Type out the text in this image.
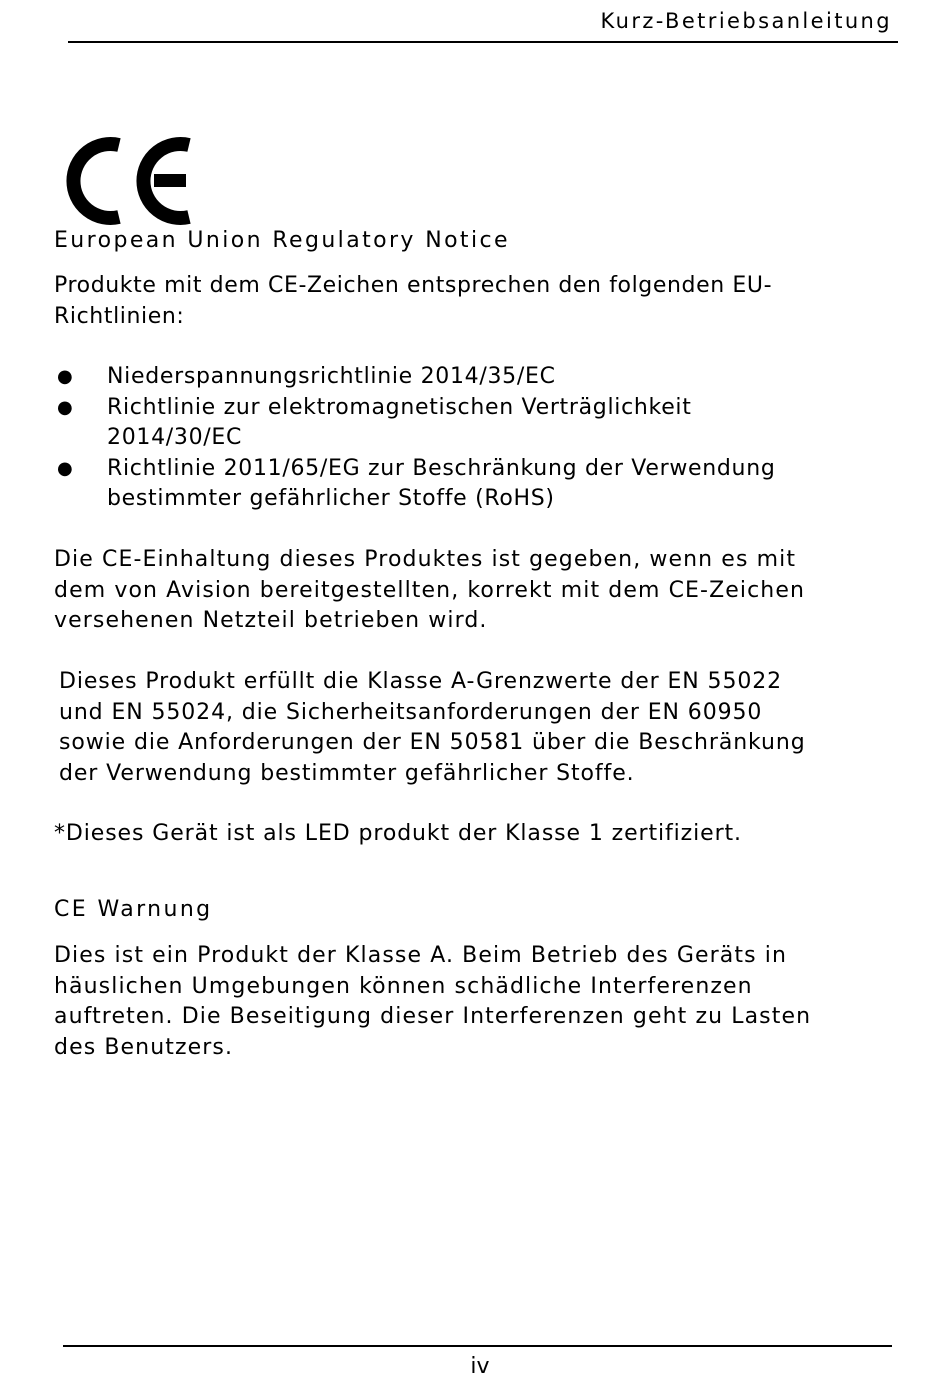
Kurz-Betriebsanleitung
European Union Regulatory Notice
Produkte mit dem CE-Zeichen entsprechen den folgenden EU-
Richtlinien:
● Niederspannungsrichtlinie 2014/35/EC
● Richtlinie zur elektromagnetischen Verträglichkeit
2014/30/EC
● Richtlinie 2011/65/EG zur Beschränkung der Verwendung
bestimmter gefährlicher Stoffe (RoHS)
Die CE-Einhaltung dieses Produktes ist gegeben, wenn es mit
dem von Avision bereitgestellten, korrekt mit dem CE-Zeichen
versehenen Netzteil betrieben wird.
Dieses Produkt erfüllt die Klasse A-Grenzwerte der EN 55022
und EN 55024, die Sicherheitsanforderungen der EN 60950
sowie die Anforderungen der EN 50581 über die Beschränkung
der Verwendung bestimmter gefährlicher Stoffe.
*Dieses Gerät ist als LED produkt der Klasse 1 zertifiziert.
CE Warnung
Dies ist ein Produkt der Klasse A. Beim Betrieb des Geräts in
häuslichen Umgebungen können schädliche Interferenzen
auftreten. Die Beseitigung dieser Interferenzen geht zu Lasten
des Benutzers.
iv
